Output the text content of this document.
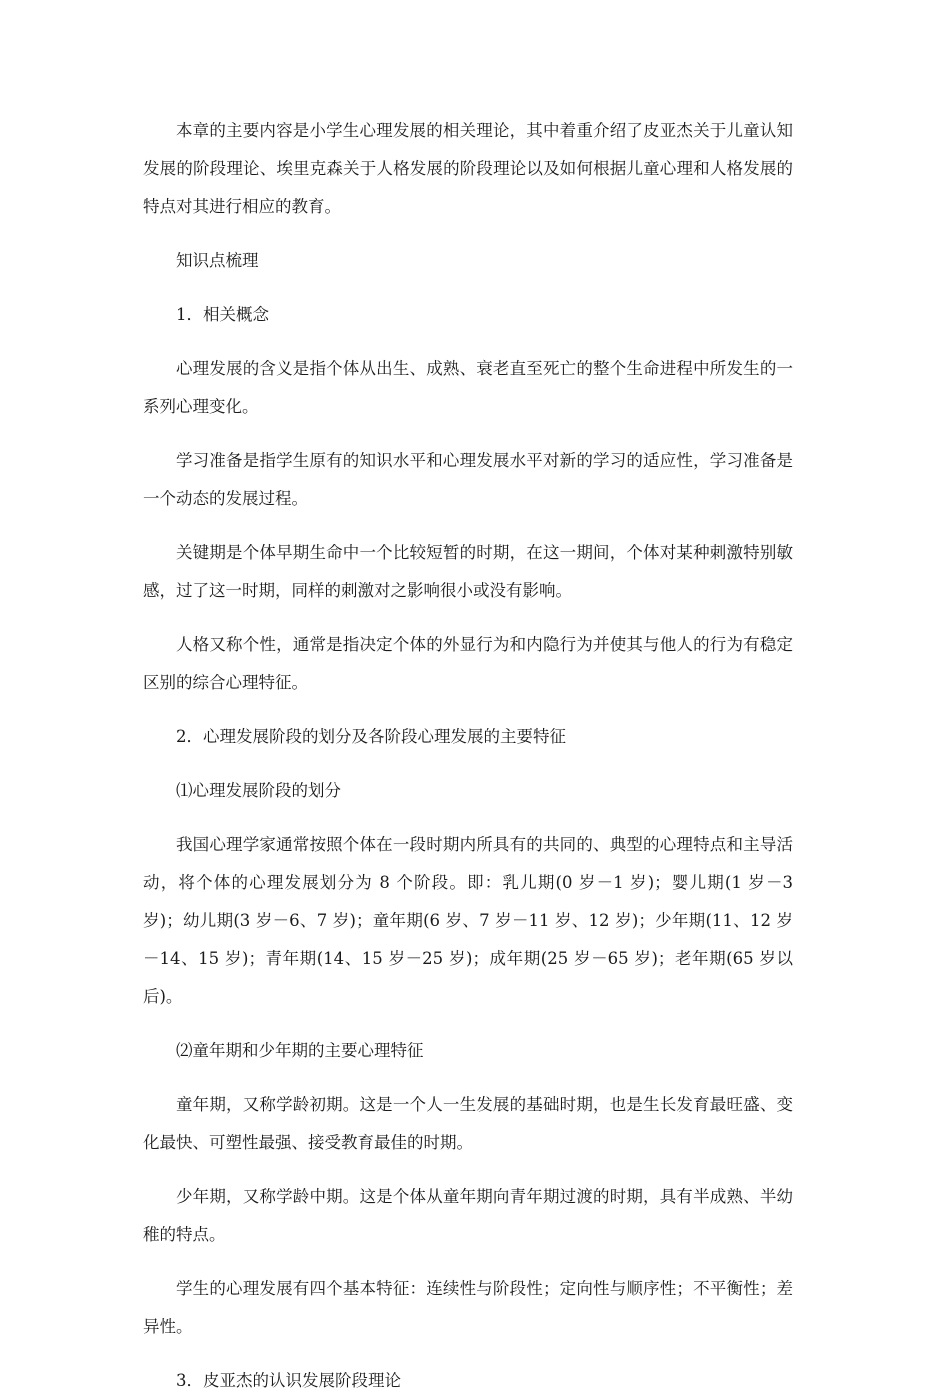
本章的主要内容是小学生心理发展的相关理论，其中着重介绍了皮亚杰关于儿童认知发展的阶段理论、埃里克森关于人格发展的阶段理论以及如何根据儿童心理和人格发展的特点对其进行相应的教育。

知识点梳理

1．相关概念

心理发展的含义是指个体从出生、成熟、衰老直至死亡的整个生命进程中所发生的一系列心理变化。

学习准备是指学生原有的知识水平和心理发展水平对新的学习的适应性，学习准备是一个动态的发展过程。

关键期是个体早期生命中一个比较短暂的时期，在这一期间，个体对某种刺激特别敏感，过了这一时期，同样的刺激对之影响很小或没有影响。

人格又称个性，通常是指决定个体的外显行为和内隐行为并使其与他人的行为有稳定区别的综合心理特征。

2．心理发展阶段的划分及各阶段心理发展的主要特征

⑴心理发展阶段的划分

我国心理学家通常按照个体在一段时期内所具有的共同的、典型的心理特点和主导活动，将个体的心理发展划分为 8 个阶段。即：乳儿期(0 岁－1 岁)；婴儿期(1 岁－3 岁)；幼儿期(3 岁－6、7 岁)；童年期(6 岁、7 岁－11 岁、12 岁)；少年期(11、12 岁－14、15 岁)；青年期(14、15 岁－25 岁)；成年期(25 岁－65 岁)；老年期(65 岁以后)。

⑵童年期和少年期的主要心理特征

童年期，又称学龄初期。这是一个人一生发展的基础时期，也是生长发育最旺盛、变化最快、可塑性最强、接受教育最佳的时期。

少年期，又称学龄中期。这是个体从童年期向青年期过渡的时期，具有半成熟、半幼稚的特点。

学生的心理发展有四个基本特征：连续性与阶段性；定向性与顺序性；不平衡性；差异性。

3．皮亚杰的认识发展阶段理论
